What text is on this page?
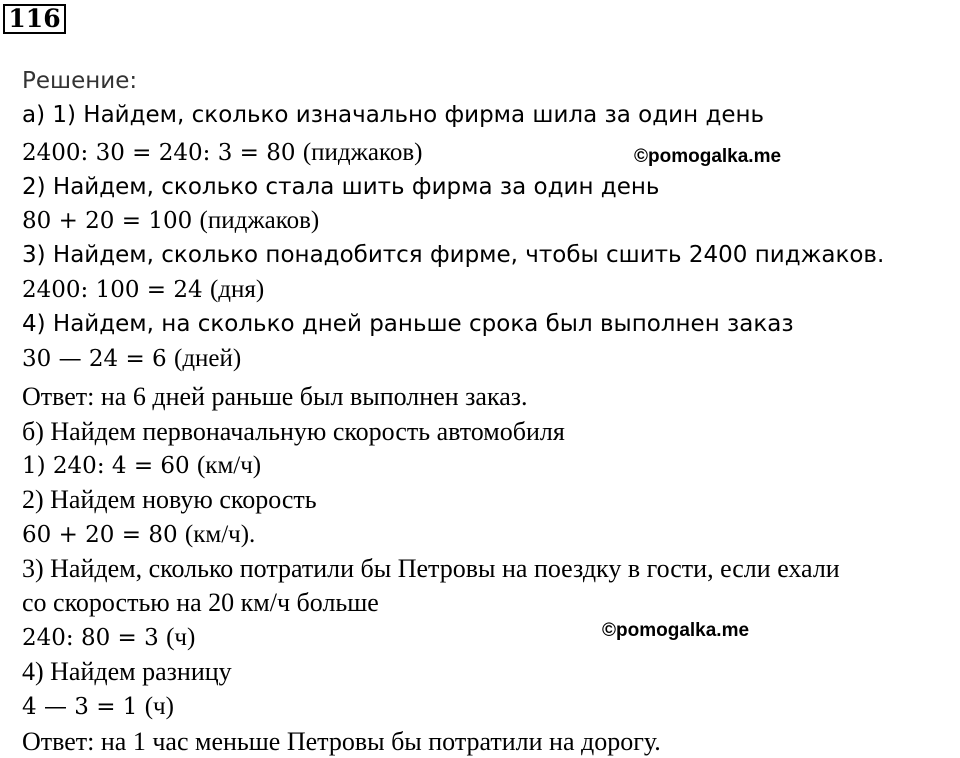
116
Решение:
а) 1) Найдем, сколько изначально фирма шила за один день
2400: 30 = 240: 3 = 80 (пиджаков)
2) Найдем, сколько стала шить фирма за один день
80 + 20 = 100 (пиджаков)
3) Найдем, сколько понадобится фирме, чтобы сшить 2400 пиджаков.
2400: 100 = 24 (дня)
4) Найдем, на сколько дней раньше срока был выполнен заказ
30 — 24 = 6 (дней)
Ответ: на 6 дней раньше был выполнен заказ.
б) Найдем первоначальную скорость автомобиля
1) 240: 4 = 60 (км/ч)
2) Найдем новую скорость
60 + 20 = 80 (км/ч).
3) Найдем, сколько потратили бы Петровы на поездку в гости, если ехали
со скоростью на 20 км/ч больше
240: 80 = 3 (ч)
4) Найдем разницу
4 — 3 = 1 (ч)
Ответ: на 1 час меньше Петровы бы потратили на дорогу.
©pomogalka.me
©pomogalka.me
